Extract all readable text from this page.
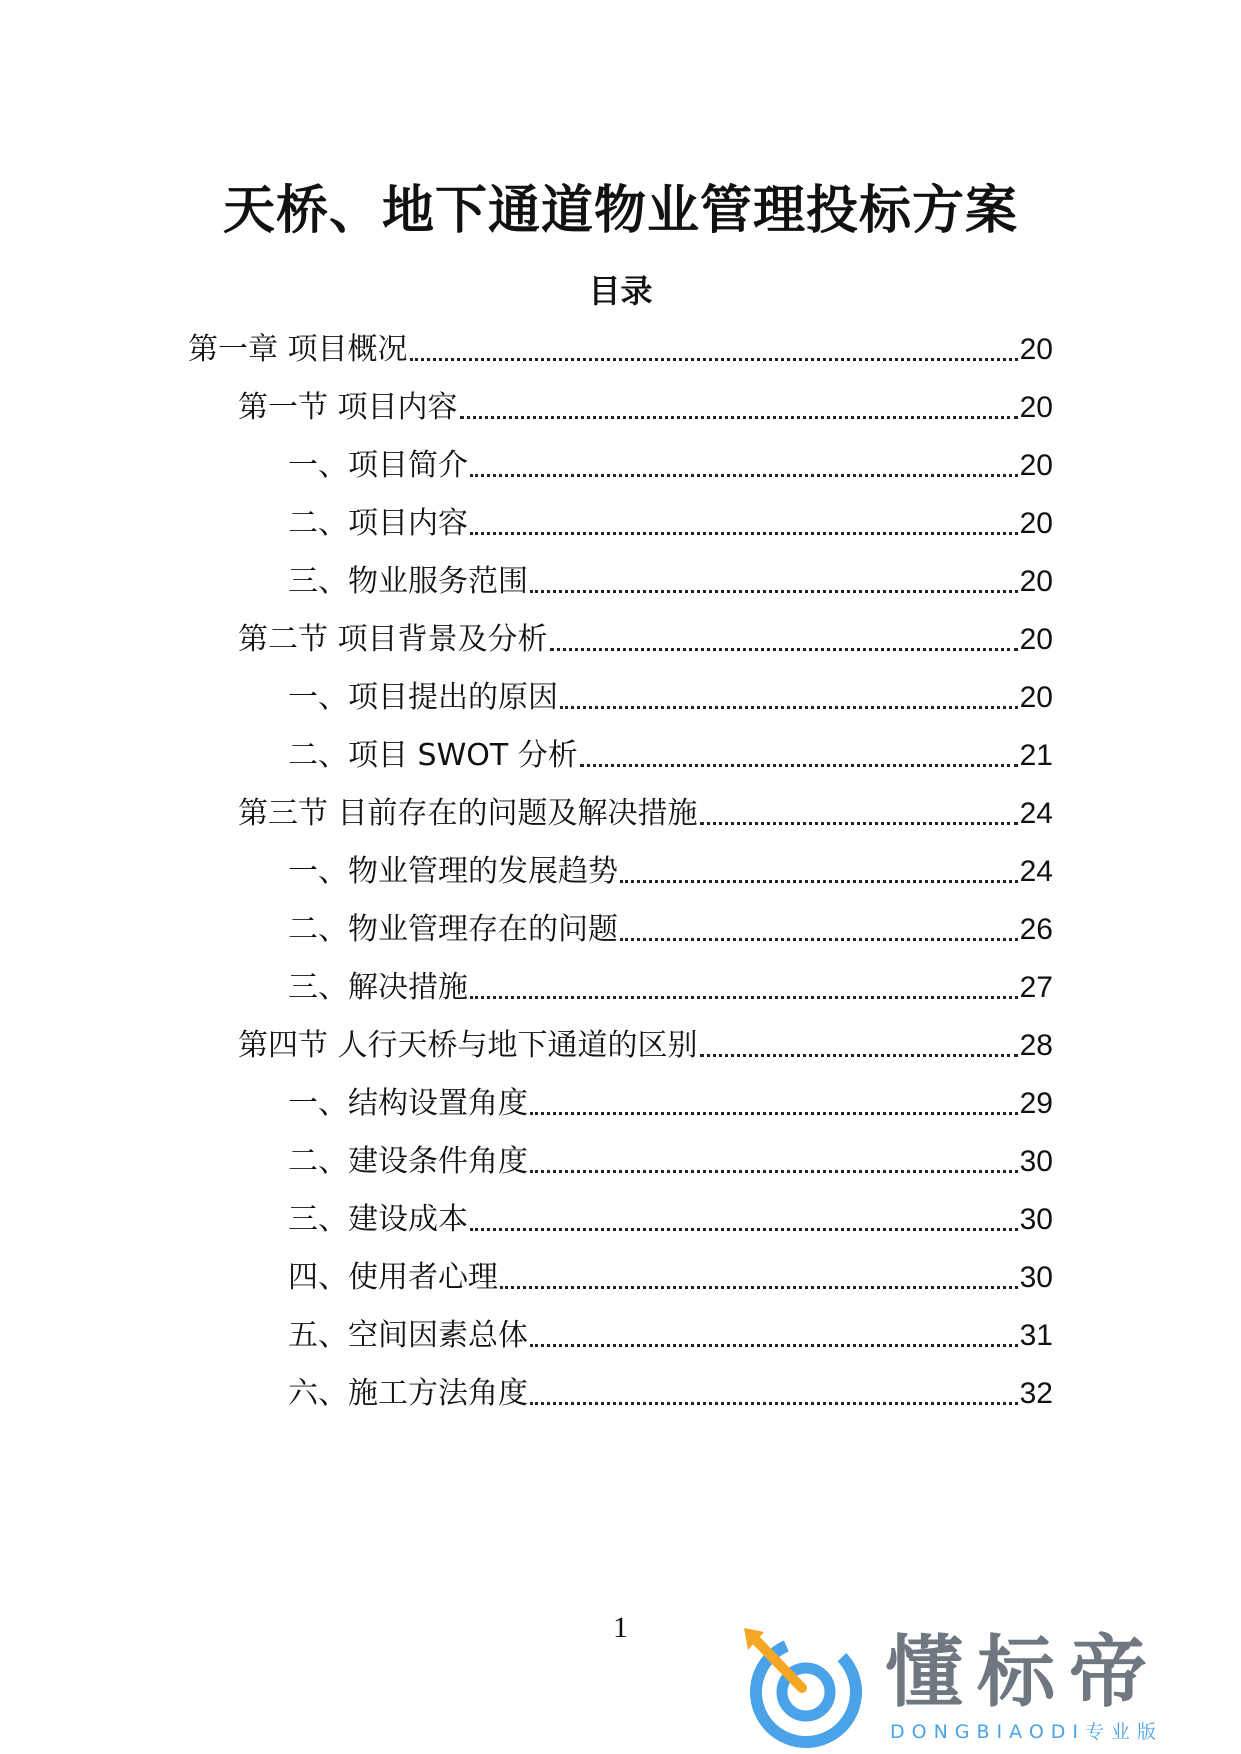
天桥、地下通道物业管理投标方案
目录
第一章 项目概况	20
第一节 项目内容	20
一、项目简介	20
二、项目内容	20
三、物业服务范围	20
第二节 项目背景及分析	20
一、项目提出的原因	20
二、项目 SWOT 分析	21
第三节 目前存在的问题及解决措施	24
一、物业管理的发展趋势	24
二、物业管理存在的问题	26
三、解决措施	27
第四节 人行天桥与地下通道的区别	28
一、结构设置角度	29
二、建设条件角度	30
三、建设成本	30
四、使用者心理	30
五、空间因素总体	31
六、施工方法角度	32
1
懂标帝
DONGBIAODI专业版
